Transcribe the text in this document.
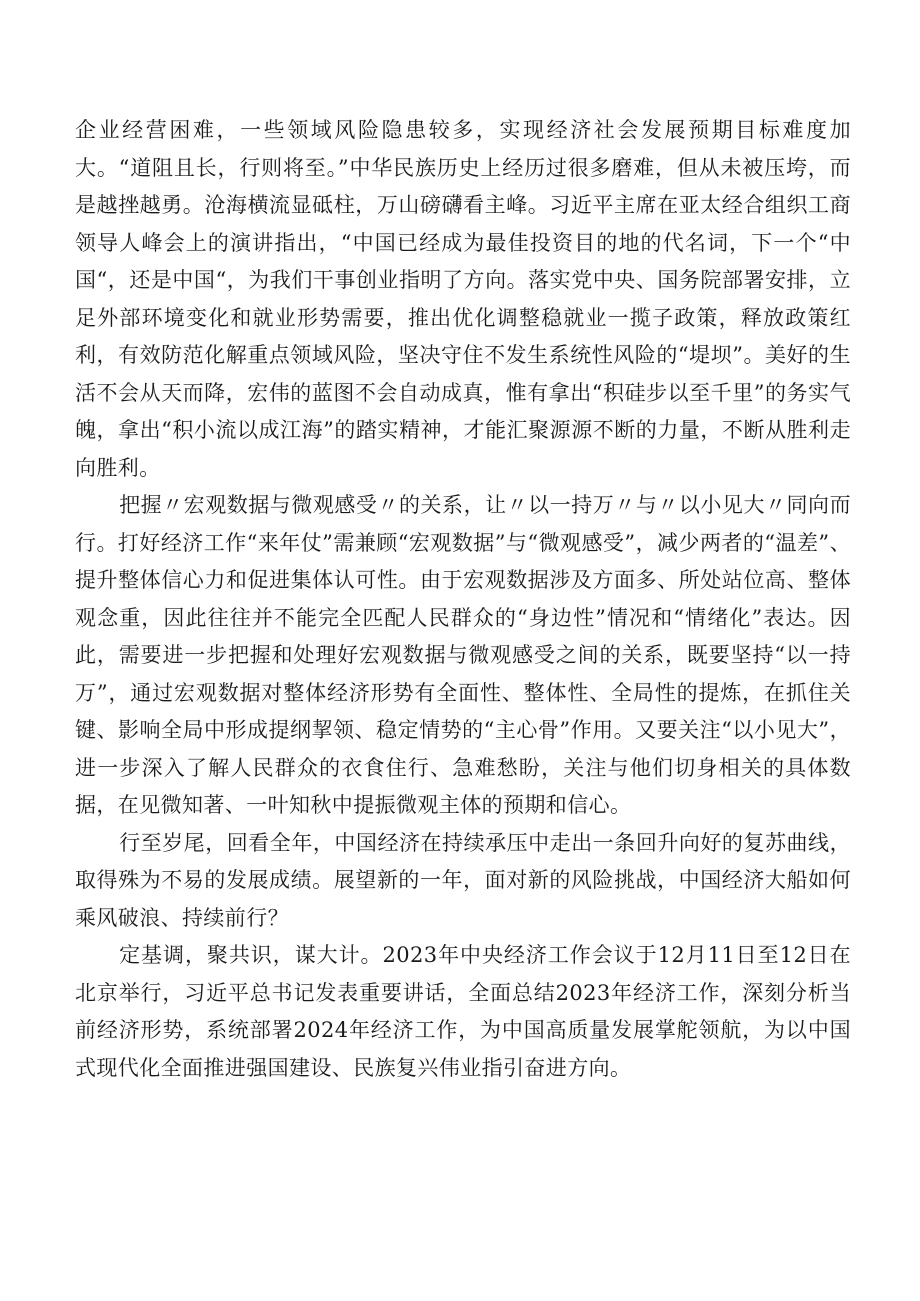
企业经营困难，一些领域风险隐患较多，实现经济社会发展预期目标难度加大。“道阻且长，行则将至。”中华民族历史上经历过很多磨难，但从未被压垮，而是越挫越勇。沧海横流显砥柱，万山磅礴看主峰。习近平主席在亚太经合组织工商领导人峰会上的演讲指出，“中国已经成为最佳投资目的地的代名词，下一个“中国“，还是中国“，为我们干事创业指明了方向。落实党中央、国务院部署安排，立足外部环境变化和就业形势需要，推出优化调整稳就业一揽子政策，释放政策红利，有效防范化解重点领域风险，坚决守住不发生系统性风险的“堤坝”。美好的生活不会从天而降，宏伟的蓝图不会自动成真，惟有拿出“积硅步以至千里”的务实气魄，拿出“积小流以成江海”的踏实精神，才能汇聚源源不断的力量，不断从胜利走向胜利。

把握〃宏观数据与微观感受〃的关系，让〃以一持万〃与〃以小见大〃同向而行。打好经济工作“来年仗”需兼顾“宏观数据”与“微观感受”，减少两者的“温差”、提升整体信心力和促进集体认可性。由于宏观数据涉及方面多、所处站位高、整体观念重，因此往往并不能完全匹配人民群众的“身边性”情况和“情绪化”表达。因此，需要进一步把握和处理好宏观数据与微观感受之间的关系，既要坚持“以一持万”，通过宏观数据对整体经济形势有全面性、整体性、全局性的提炼，在抓住关键、影响全局中形成提纲挈领、稳定情势的“主心骨”作用。又要关注“以小见大”，进一步深入了解人民群众的衣食住行、急难愁盼，关注与他们切身相关的具体数据，在见微知著、一叶知秋中提振微观主体的预期和信心。

行至岁尾，回看全年，中国经济在持续承压中走出一条回升向好的复苏曲线，取得殊为不易的发展成绩。展望新的一年，面对新的风险挑战，中国经济大船如何乘风破浪、持续前行？

定基调，聚共识，谋大计。2023年中央经济工作会议于12月11日至12日在北京举行，习近平总书记发表重要讲话，全面总结2023年经济工作，深刻分析当前经济形势，系统部署2024年经济工作，为中国高质量发展掌舵领航，为以中国式现代化全面推进强国建设、民族复兴伟业指引奋进方向。
